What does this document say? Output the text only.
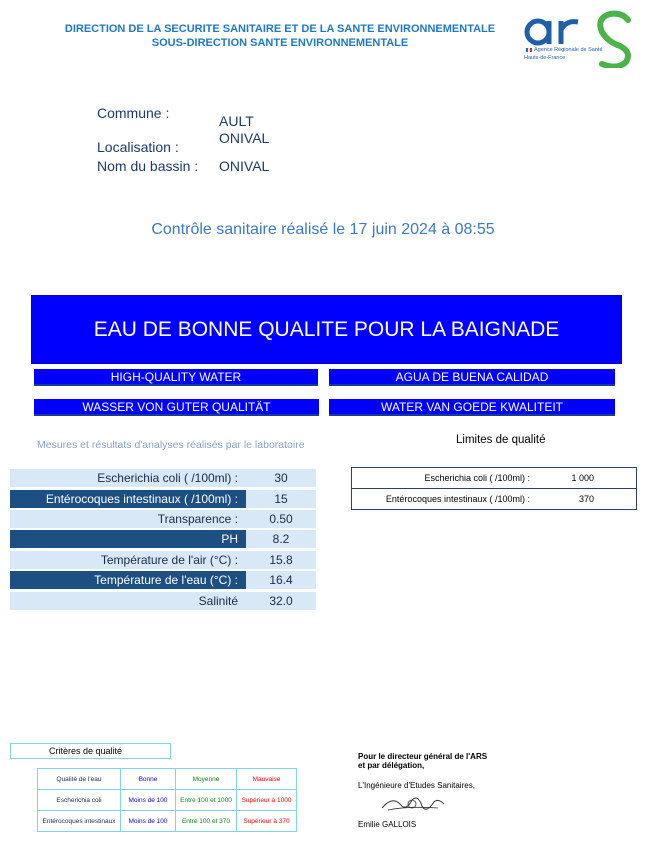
DIRECTION DE LA SECURITE SANITAIRE ET DE LA SANTE ENVIRONNEMENTALE
SOUS-DIRECTION SANTE ENVIRONNEMENTALE
Agence Régionale de Santé
Hauts-de-France
Commune :	AULT
Localisation :
ONIVAL
Nom du bassin : ONIVAL
Contrôle sanitaire réalisé le 17 juin 2024 à 08:55
EAU DE BONNE QUALITE POUR LA BAIGNADE
HIGH-QUALITY WATER	AGUA DE BUENA CALIDAD
WASSER VON GUTER QUALITÄT	WATER VAN GOEDE KWALITEIT
Mesures et résultats d'analyses réalisés par le laboratoire	Limites de qualité
Escherichia coli ( /100ml) :	30
Entérocoques intestinaux ( /100ml) :	15
Transparence :	0.50
PH	8.2
Température de l'air (°C) :	15.8
Température de l'eau (°C) :	16.4
Salinité	32.0
Escherichia coli ( /100ml) :	1 000
Entérocoques intestinaux ( /100ml) :	370
Critères de qualité
Qualité de l'eau	Bonne	Moyenne	Mauvaise
Escherichia coli	Moins de 100	Entre 100 et 1000	Supérieur à 1000
Entérocoques intestinaux	Moins de 100	Entre 100 et 370	Supérieur à 370
Pour le directeur général de l'ARS
et par délégation,
L'Ingénieure d'Etudes Sanitaires,
Emilie GALLOIS
